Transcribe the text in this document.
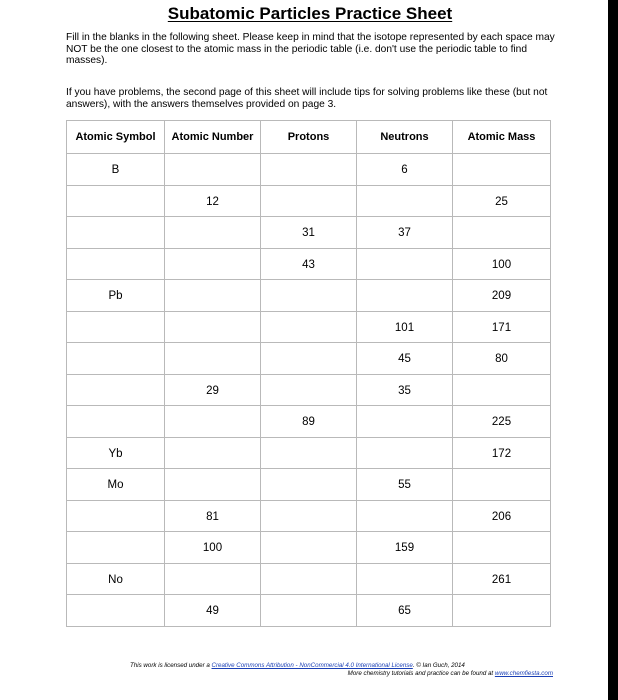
Subatomic Particles Practice Sheet

Fill in the blanks in the following sheet. Please keep in mind that the isotope represented by each space may NOT be the one closest to the atomic mass in the periodic table (i.e. don't use the periodic table to find masses).

If you have problems, the second page of this sheet will include tips for solving problems like these (but not answers), with the answers themselves provided on page 3.

Atomic Symbol	Atomic Number	Protons	Neutrons	Atomic Mass
B			6	
	12			25
		31	37	
		43		100
Pb				209
			101	171
			45	80
	29		35	
		89		225
Yb				172
Mo			55	
	81			206
	100		159	
No				261
	49		65	
This work is licensed under a Creative Commons Attribution - NonCommercial 4.0 International License. © Ian Guch, 2014
More chemistry tutorials and practice can be found at www.chemfiesta.com
